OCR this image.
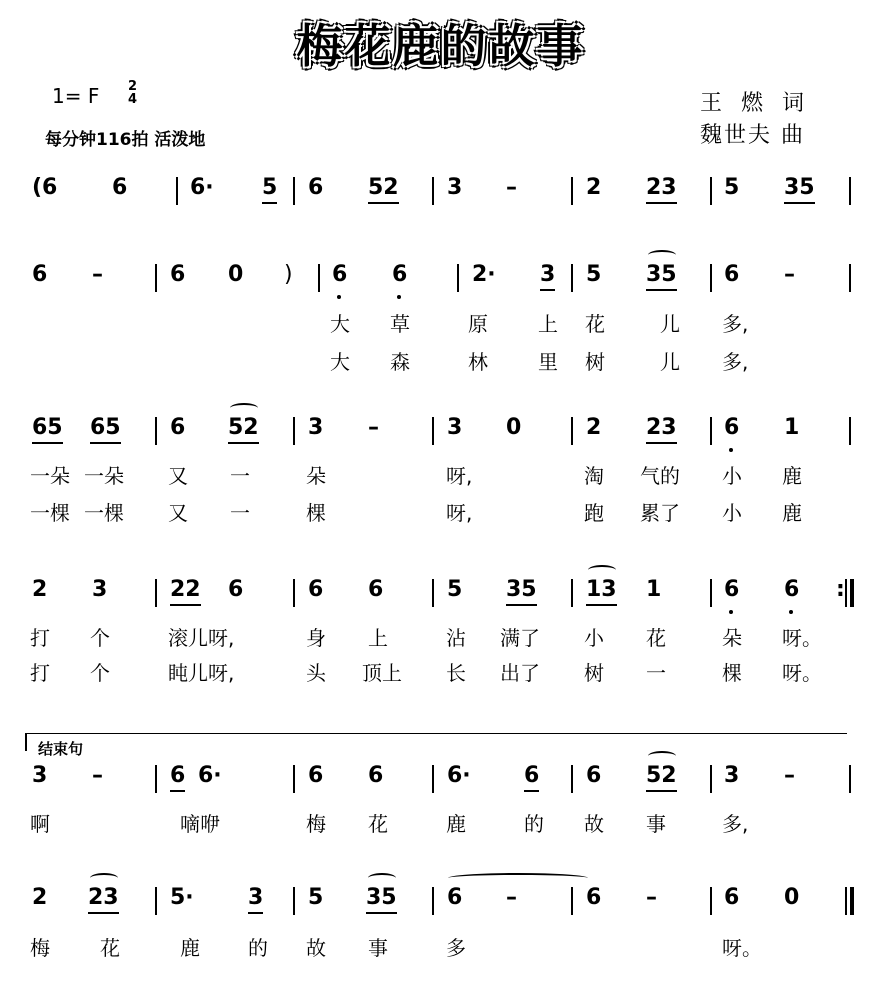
梅花鹿的故事
1= F 2
4
每分钟116拍 活泼地
王 燃 词
魏世夫 曲
(6 6	6· 5 6 52 3 –	2 23 5 35
6 –	6 0 ) 6 6	2· 3 5 35 6 –
大 草	原	上 花	儿 多,
大 森	林	里 树	儿 多,
65 65 6 52 3 –	3 0	2 23 6 1
一朵 一朵 又 一	朵	呀,	淘 气的 小 鹿
一棵 一棵 又 一	棵	呀,	跑 累了 小 鹿
2 3	22 6	6 6	5 35 13 1	6 6 :
打 个	滚儿呀,	身 上	沾 满了 小 花	朵 呀。
打 个	盹儿呀,	头 顶上 长 出了 树 一	棵 呀。
结束句
3 –	6 6·	6 6	6· 6 6 52 3 –
啊	嘀咿	梅 花	鹿	的 故 事	多,
2 23 5· 3 5 35 6 –	6 –	6 0
梅	花	鹿 的 故 事	多	呀。
